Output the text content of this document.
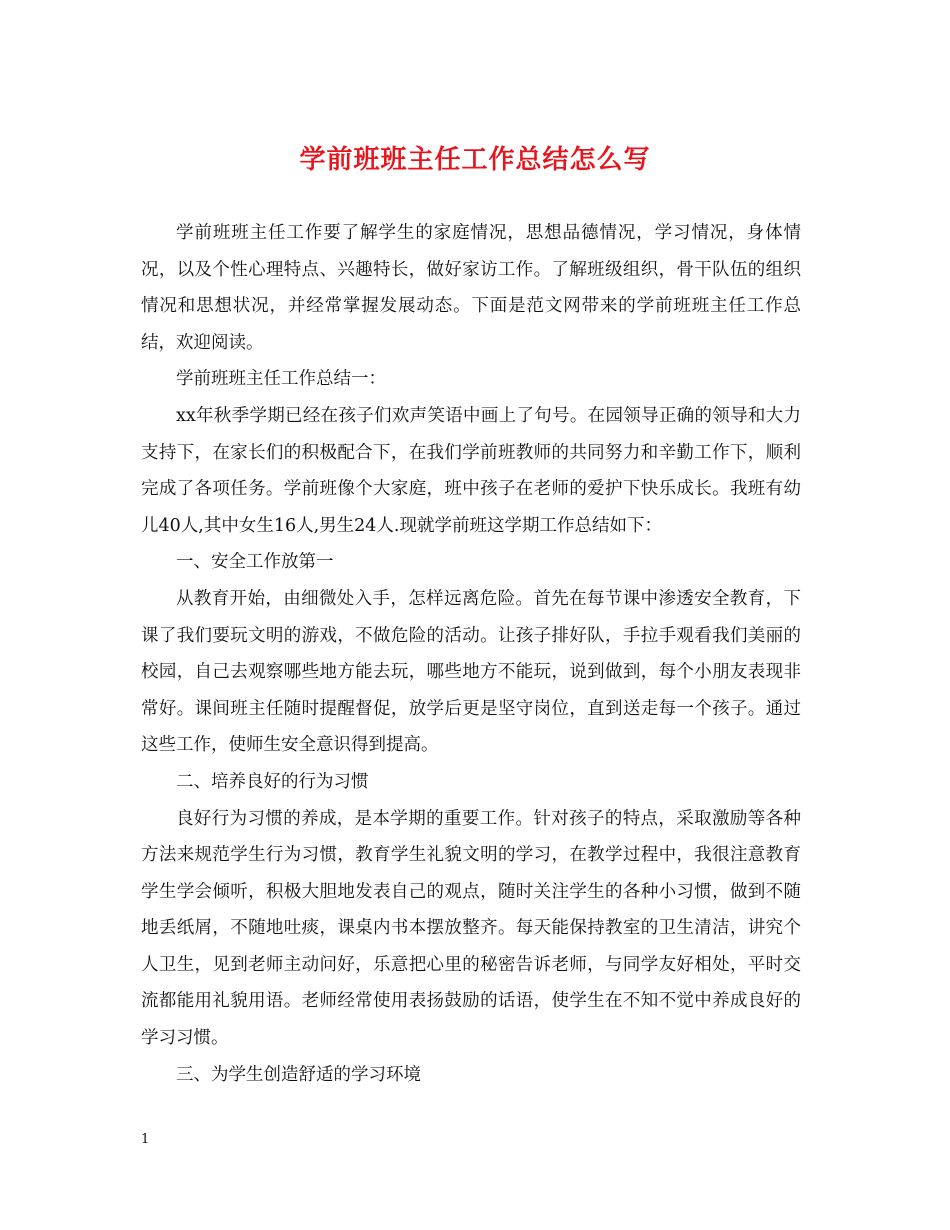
学前班班主任工作总结怎么写

学前班班主任工作要了解学生的家庭情况，思想品德情况，学习情况，身体情况，以及个性心理特点、兴趣特长，做好家访工作。了解班级组织，骨干队伍的组织情况和思想状况，并经常掌握发展动态。下面是范文网带来的学前班班主任工作总结，欢迎阅读。

学前班班主任工作总结一：

xx年秋季学期已经在孩子们欢声笑语中画上了句号。在园领导正确的领导和大力支持下，在家长们的积极配合下，在我们学前班教师的共同努力和辛勤工作下，顺利完成了各项任务。学前班像个大家庭，班中孩子在老师的爱护下快乐成长。我班有幼儿40人,其中女生16人,男生24人.现就学前班这学期工作总结如下：

一、安全工作放第一

从教育开始，由细微处入手，怎样远离危险。首先在每节课中渗透安全教育，下课了我们要玩文明的游戏，不做危险的活动。让孩子排好队，手拉手观看我们美丽的校园，自己去观察哪些地方能去玩，哪些地方不能玩，说到做到，每个小朋友表现非常好。课间班主任随时提醒督促，放学后更是坚守岗位，直到送走每一个孩子。通过这些工作，使师生安全意识得到提高。

二、培养良好的行为习惯

良好行为习惯的养成，是本学期的重要工作。针对孩子的特点，采取激励等各种方法来规范学生行为习惯，教育学生礼貌文明的学习，在教学过程中，我很注意教育学生学会倾听，积极大胆地发表自己的观点，随时关注学生的各种小习惯，做到不随地丢纸屑，不随地吐痰，课桌内书本摆放整齐。每天能保持教室的卫生清洁，讲究个人卫生，见到老师主动问好，乐意把心里的秘密告诉老师，与同学友好相处，平时交流都能用礼貌用语。老师经常使用表扬鼓励的话语，使学生在不知不觉中养成良好的学习习惯。

三、为学生创造舒适的学习环境

1
